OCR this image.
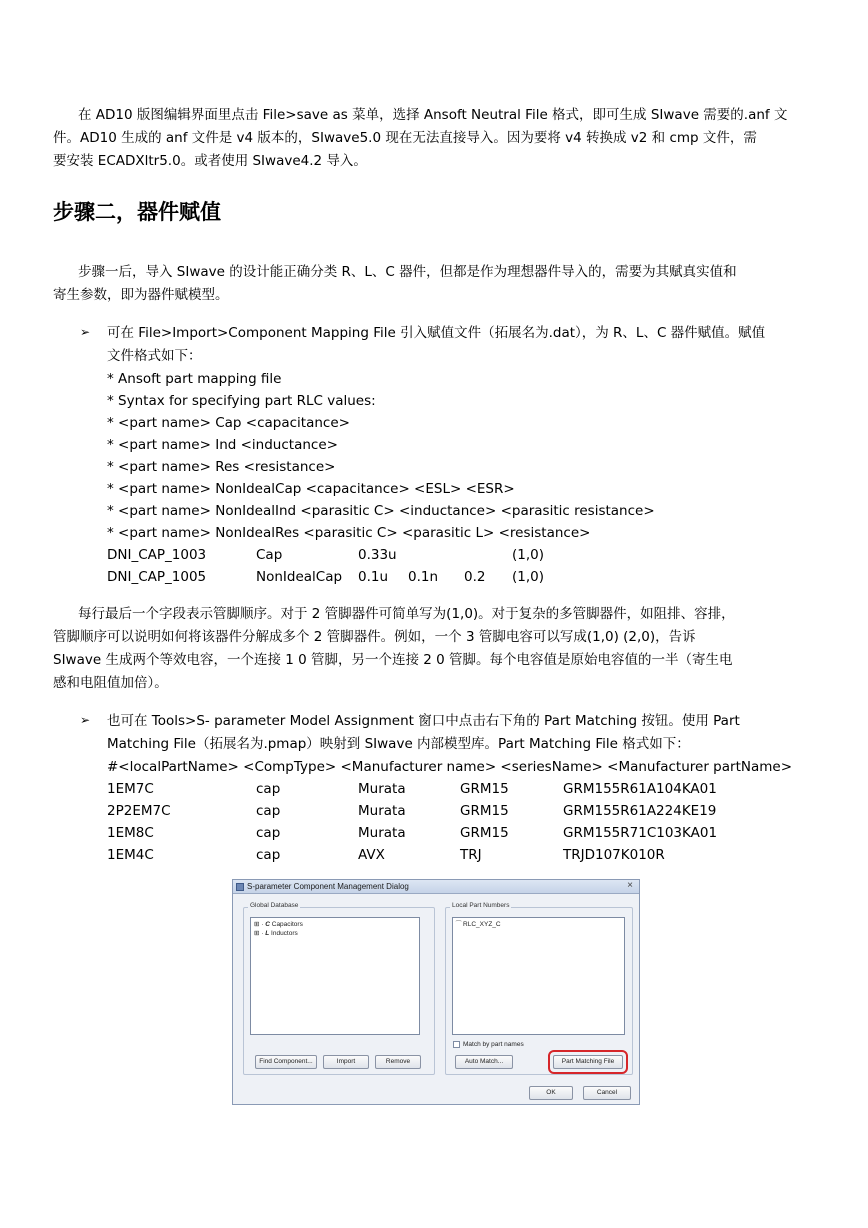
在 AD10 版图编辑界面里点击 File>save as 菜单，选择 Ansoft Neutral File 格式，即可生成 SIwave 需要的.anf 文
件。AD10 生成的 anf 文件是 v4 版本的，SIwave5.0 现在无法直接导入。因为要将 v4 转换成 v2 和 cmp 文件，需
要安装 ECADXltr5.0。或者使用 SIwave4.2 导入。
步骤二，器件赋值
步骤一后，导入 SIwave 的设计能正确分类 R、L、C 器件，但都是作为理想器件导入的，需要为其赋真实值和
寄生参数，即为器件赋模型。
➢ 可在 File>Import>Component Mapping File 引入赋值文件（拓展名为.dat），为 R、L、C 器件赋值。赋值
文件格式如下：
* Ansoft part mapping file
* Syntax for specifying part RLC values:
* <part name> Cap <capacitance>
* <part name> Ind <inductance>
* <part name> Res <resistance>
* <part name> NonIdealCap <capacitance> <ESL> <ESR>
* <part name> NonIdealInd <parasitic C> <inductance> <parasitic resistance>
* <part name> NonIdealRes <parasitic C> <parasitic L> <resistance>
DNI_CAP_1003	Cap	0.33u	(1,0)
DNI_CAP_1005	NonIdealCap 0.1u 0.1n 0.2 (1,0)
每行最后一个字段表示管脚顺序。对于 2 管脚器件可简单写为(1,0)。对于复杂的多管脚器件，如阻排、容排，
管脚顺序可以说明如何将该器件分解成多个 2 管脚器件。例如，一个 3 管脚电容可以写成(1,0) (2,0)，告诉
SIwave 生成两个等效电容，一个连接 1 0 管脚，另一个连接 2 0 管脚。每个电容值是原始电容值的一半（寄生电
感和电阻值加倍）。
➢ 也可在 Tools>S- parameter Model Assignment 窗口中点击右下角的 Part Matching 按钮。使用 Part
Matching File（拓展名为.pmap）映射到 SIwave 内部模型库。Part Matching File 格式如下：
#<localPartName> <CompType> <Manufacturer name> <seriesName> <Manufacturer partName>
1EM7C	cap	Murata	GRM15	GRM155R61A104KA01
2P2EM7C	cap	Murata	GRM15	GRM155R61A224KE19
1EM8C	cap	Murata	GRM15	GRM155R71C103KA01
1EM4C	cap	AVX	TRJ	TRJD107K010R
S-parameter Component Management Dialog	×
Global Database
⊞ · C Capacitors
⊞ · L Inductors
Find Component...	Import	Remove
Local Part Numbers
⁀ RLC_XYZ_C
Match by part names
Auto Match...	Part Matching File
OK	Cancel
